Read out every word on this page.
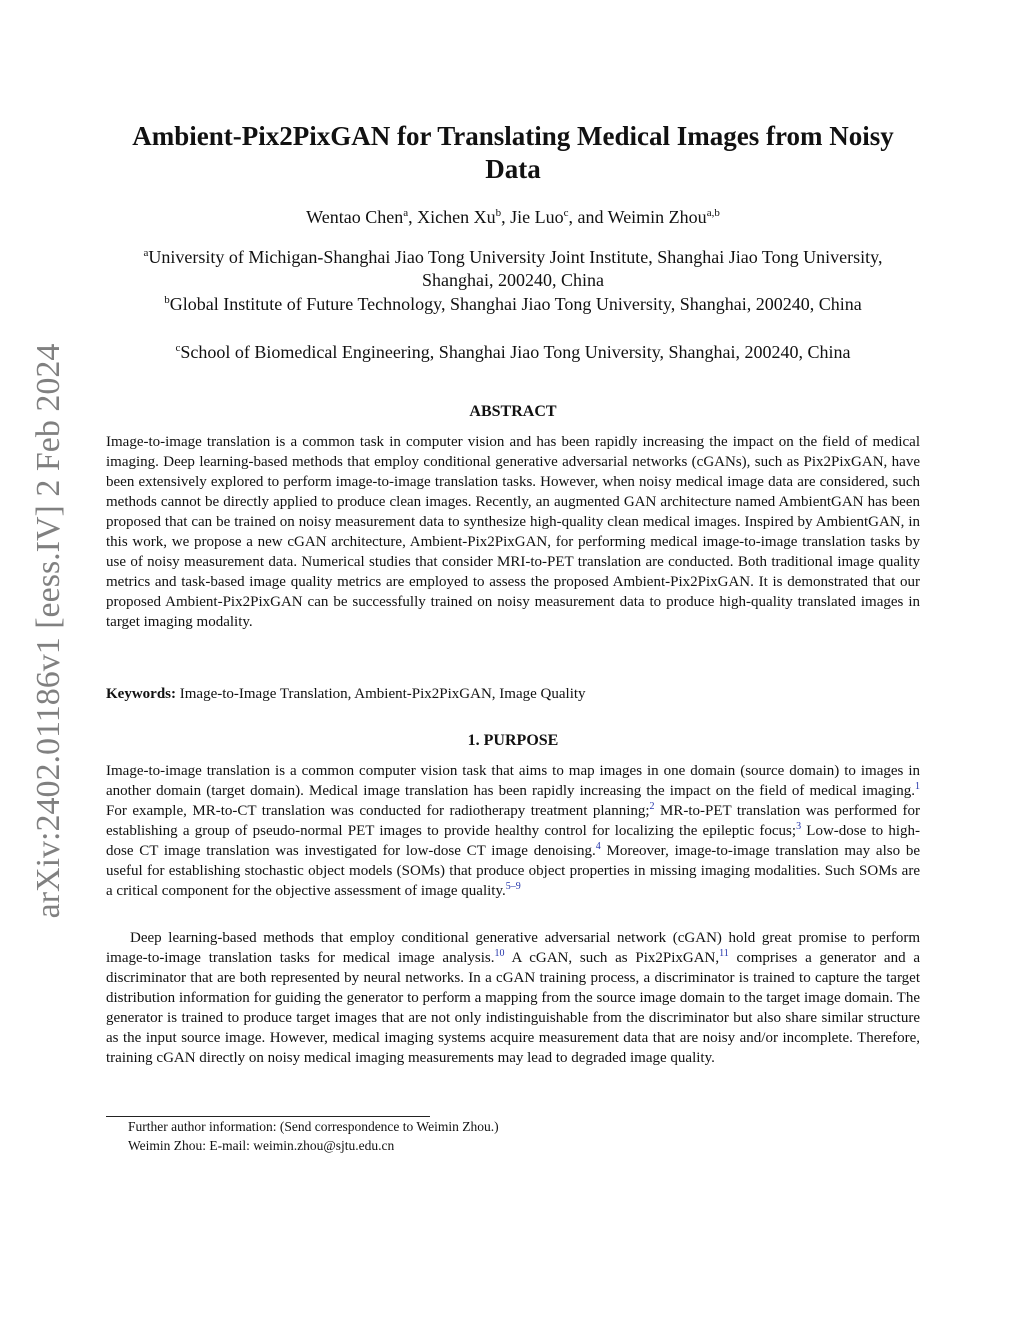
arXiv:2402.01186v1 [eess.IV] 2 Feb 2024
Ambient-Pix2PixGAN for Translating Medical Images from Noisy Data
Wentao Chen$^a$, Xichen Xu$^b$, Jie Luo$^c$, and Weimin Zhou$^{a,b}$
$^a$University of Michigan-Shanghai Jiao Tong University Joint Institute, Shanghai Jiao Tong University, Shanghai, 200240, China
$^b$Global Institute of Future Technology, Shanghai Jiao Tong University, Shanghai, 200240, China
$^c$School of Biomedical Engineering, Shanghai Jiao Tong University, Shanghai, 200240, China
ABSTRACT
Image-to-image translation is a common task in computer vision and has been rapidly increasing the impact on the field of medical imaging. Deep learning-based methods that employ conditional generative adversarial networks (cGANs), such as Pix2PixGAN, have been extensively explored to perform image-to-image translation tasks. However, when noisy medical image data are considered, such methods cannot be directly applied to produce clean images. Recently, an augmented GAN architecture named AmbientGAN has been proposed that can be trained on noisy measurement data to synthesize high-quality clean medical images. Inspired by AmbientGAN, in this work, we propose a new cGAN architecture, Ambient-Pix2PixGAN, for performing medical image-to-image translation tasks by use of noisy measurement data. Numerical studies that consider MRI-to-PET translation are conducted. Both traditional image quality metrics and task-based image quality metrics are employed to assess the proposed Ambient-Pix2PixGAN. It is demonstrated that our proposed Ambient-Pix2PixGAN can be successfully trained on noisy measurement data to produce high-quality translated images in target imaging modality.
Keywords: Image-to-Image Translation, Ambient-Pix2PixGAN, Image Quality
1. PURPOSE
Image-to-image translation is a common computer vision task that aims to map images in one domain (source domain) to images in another domain (target domain). Medical image translation has been rapidly increasing the impact on the field of medical imaging.$^1$ For example, MR-to-CT translation was conducted for radiotherapy treatment planning;$^2$ MR-to-PET translation was performed for establishing a group of pseudo-normal PET images to provide healthy control for localizing the epileptic focus;$^3$ Low-dose to high-dose CT image translation was investigated for low-dose CT image denoising.$^4$ Moreover, image-to-image translation may also be useful for establishing stochastic object models (SOMs) that produce object properties in missing imaging modalities. Such SOMs are a critical component for the objective assessment of image quality.$^{5-9}$
Deep learning-based methods that employ conditional generative adversarial network (cGAN) hold great promise to perform image-to-image translation tasks for medical image analysis.$^{10}$ A cGAN, such as Pix2PixGAN,$^{11}$ comprises a generator and a discriminator that are both represented by neural networks. In a cGAN training process, a discriminator is trained to capture the target distribution information for guiding the generator to perform a mapping from the source image domain to the target image domain. The generator is trained to produce target images that are not only indistinguishable from the discriminator but also share similar structure as the input source image. However, medical imaging systems acquire measurement data that are noisy and/or incomplete. Therefore, training cGAN directly on noisy medical imaging measurements may lead to degraded image quality.
Further author information: (Send correspondence to Weimin Zhou.)
Weimin Zhou: E-mail: weimin.zhou@sjtu.edu.cn
